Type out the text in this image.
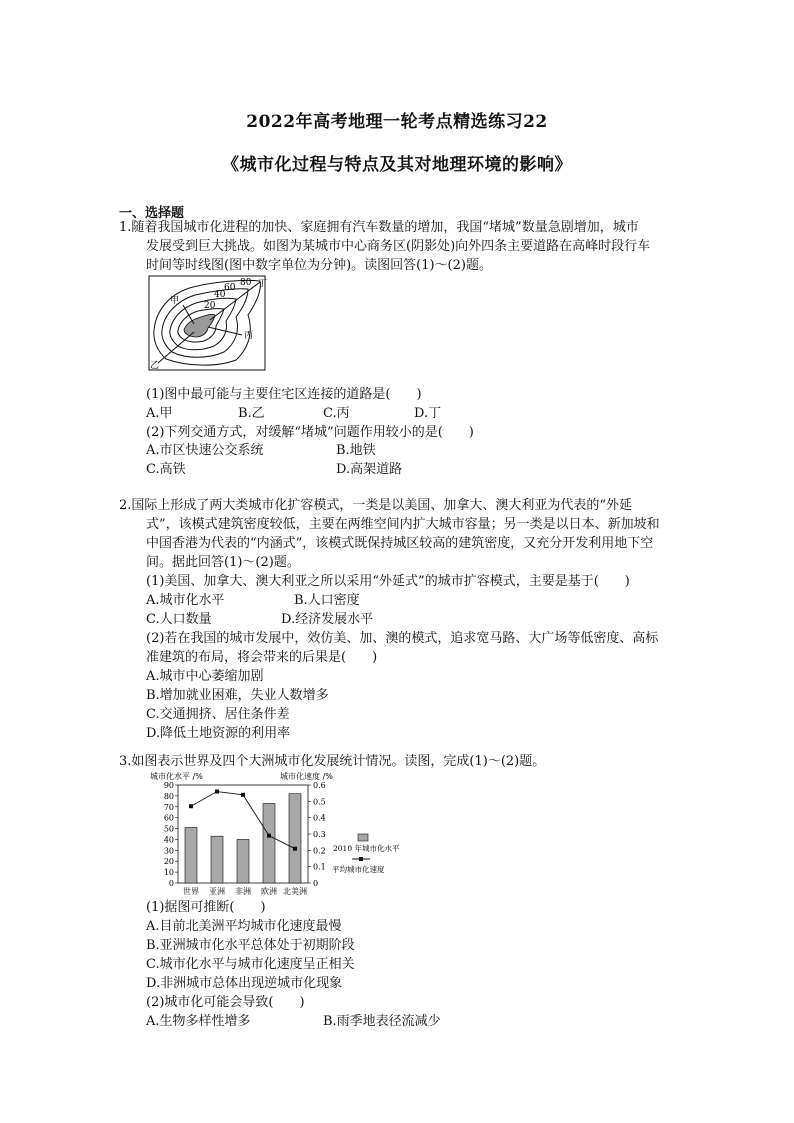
2022年高考地理一轮考点精选练习22
《城市化过程与特点及其对地理环境的影响》
一、选择题
1.随着我国城市化进程的加快、家庭拥有汽车数量的增加，我国“堵城”数量急剧增加，城市
发展受到巨大挑战。如图为某城市中心商务区(阴影处)向外四条主要道路在高峰时段行车
时间等时线图(图中数字单位为分钟)。读图回答(1)～(2)题。
甲
乙
丙
丁
20
40
60 80
(1)图中最可能与主要住宅区连接的道路是(　　)
A.甲	B.乙	C.丙	D.丁
(2)下列交通方式，对缓解“堵城”问题作用较小的是(　　)
A.市区快速公交系统	B.地铁
C.高铁	D.高架道路
2.国际上形成了两大类城市化扩容模式，一类是以美国、加拿大、澳大利亚为代表的“外延
式”，该模式建筑密度较低，主要在两维空间内扩大城市容量；另一类是以日本、新加坡和
中国香港为代表的“内涵式”，该模式既保持城区较高的建筑密度，又充分开发利用地下空
间。据此回答(1)～(2)题。
(1)美国、加拿大、澳大利亚之所以采用“外延式”的城市扩容模式，主要是基于(　　)
A.城市化水平	B.人口密度
C.人口数量	D.经济发展水平
(2)若在我国的城市发展中，效仿美、加、澳的模式，追求宽马路、大广场等低密度、高标
准建筑的布局，将会带来的后果是(　　)
A.城市中心萎缩加剧
B.增加就业困难，失业人数增多
C.交通拥挤、居住条件差
D.降低土地资源的利用率
3.如图表示世界及四个大洲城市化发展统计情况。读图，完成(1)～(2)题。
城市化水平 /%	城市化速度 /%
0
10
20
30
40
50
60
70
80
90
0
0.1
0.2
0.3
0.4
0.5
0.6
世界 亚洲 非洲 欧洲 北美洲
2010 年城市化水平
平均城市化速度
(1)据图可推断(　　)
A.目前北美洲平均城市化速度最慢
B.亚洲城市化水平总体处于初期阶段
C.城市化水平与城市化速度呈正相关
D.非洲城市总体出现逆城市化现象
(2)城市化可能会导致(　　)
A.生物多样性增多	B.雨季地表径流减少
